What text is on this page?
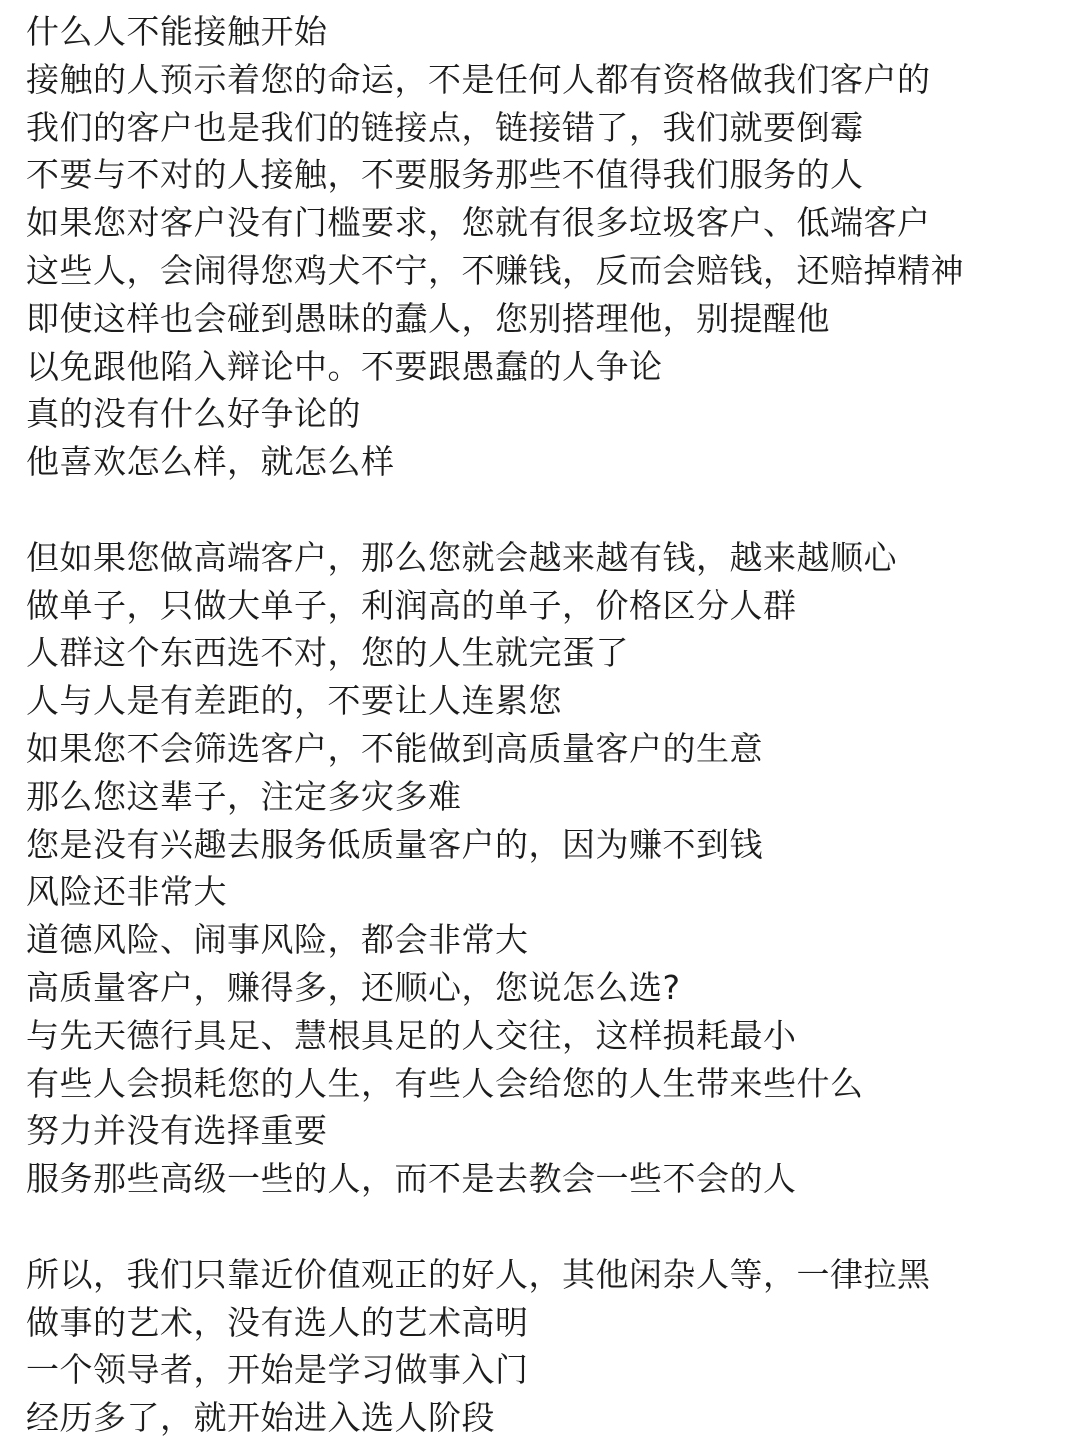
什么人不能接触开始
接触的人预示着您的命运，不是任何人都有资格做我们客户的
我们的客户也是我们的链接点，链接错了，我们就要倒霉
不要与不对的人接触，不要服务那些不值得我们服务的人
如果您对客户没有门槛要求，您就有很多垃圾客户、低端客户
这些人，会闹得您鸡犬不宁，不赚钱，反而会赔钱，还赔掉精神
即使这样也会碰到愚昧的蠢人，您别搭理他，别提醒他
以免跟他陷入辩论中。不要跟愚蠢的人争论
真的没有什么好争论的
他喜欢怎么样，就怎么样
但如果您做高端客户，那么您就会越来越有钱，越来越顺心
做单子，只做大单子，利润高的单子，价格区分人群
人群这个东西选不对，您的人生就完蛋了
人与人是有差距的，不要让人连累您
如果您不会筛选客户，不能做到高质量客户的生意
那么您这辈子，注定多灾多难
您是没有兴趣去服务低质量客户的，因为赚不到钱
风险还非常大
道德风险、闹事风险，都会非常大
高质量客户，赚得多，还顺心，您说怎么选?
与先天德行具足、慧根具足的人交往，这样损耗最小
有些人会损耗您的人生，有些人会给您的人生带来些什么
努力并没有选择重要
服务那些高级一些的人，而不是去教会一些不会的人
所以，我们只靠近价值观正的好人，其他闲杂人等，一律拉黑
做事的艺术，没有选人的艺术高明
一个领导者，开始是学习做事入门
经历多了，就开始进入选人阶段
